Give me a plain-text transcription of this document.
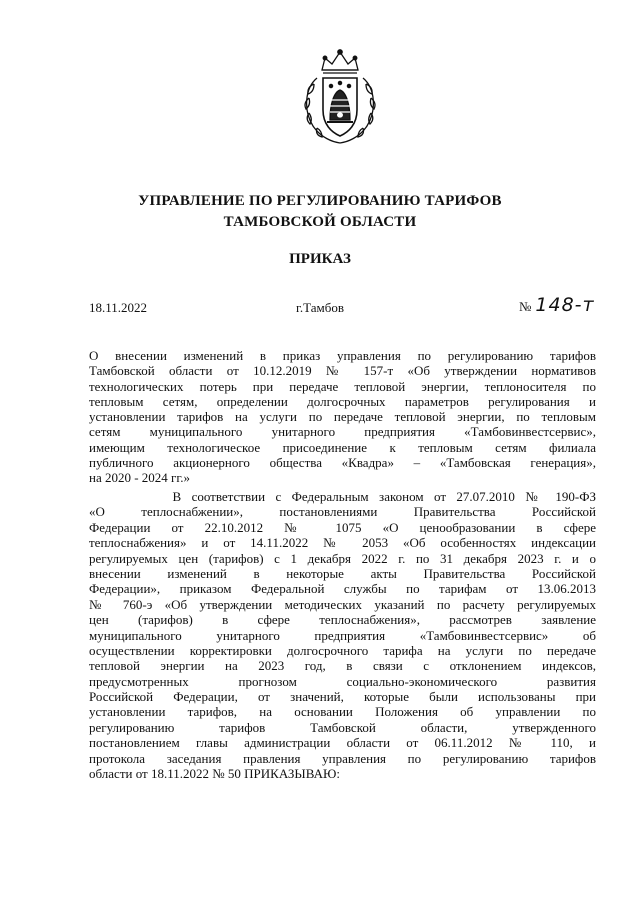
УПРАВЛЕНИЕ ПО РЕГУЛИРОВАНИЮ ТАРИФОВ
ТАМБОВСКОЙ ОБЛАСТИ
ПРИКАЗ
18.11.2022	г.Тамбов	№ 148-т
О внесении изменений в приказ управления по регулированию тарифов
Тамбовской области от 10.12.2019 № 157-т «Об утверждении нормативов
технологических потерь при передаче тепловой энергии, теплоносителя по
тепловым сетям, определении долгосрочных параметров регулирования и
установлении тарифов на услуги по передаче тепловой энергии, по тепловым
сетям муниципального унитарного предприятия «Тамбовинвестсервис»,
имеющим технологическое присоединение к тепловым сетям филиала
публичного акционерного общества «Квадра» – «Тамбовская генерация»,
на 2020 - 2024 гг.»
В соответствии с Федеральным законом от 27.07.2010 № 190-ФЗ
«О теплоснабжении», постановлениями Правительства Российской
Федерации от 22.10.2012 № 1075 «О ценообразовании в сфере
теплоснабжения» и от 14.11.2022 № 2053 «Об особенностях индексации
регулируемых цен (тарифов) с 1 декабря 2022 г. по 31 декабря 2023 г. и о
внесении изменений в некоторые акты Правительства Российской
Федерации», приказом Федеральной службы по тарифам от 13.06.2013
№ 760-э «Об утверждении методических указаний по расчету регулируемых
цен (тарифов) в сфере теплоснабжения», рассмотрев заявление
муниципального унитарного предприятия «Тамбовинвестсервис» об
осуществлении корректировки долгосрочного тарифа на услуги по передаче
тепловой энергии на 2023 год, в связи с отклонением индексов,
предусмотренных прогнозом социально-экономического развития
Российской Федерации, от значений, которые были использованы при
установлении тарифов, на основании Положения об управлении по
регулированию тарифов Тамбовской области, утвержденного
постановлением главы администрации области от 06.11.2012 № 110, и
протокола заседания правления управления по регулированию тарифов
области от 18.11.2022 № 50 ПРИКАЗЫВАЮ:
